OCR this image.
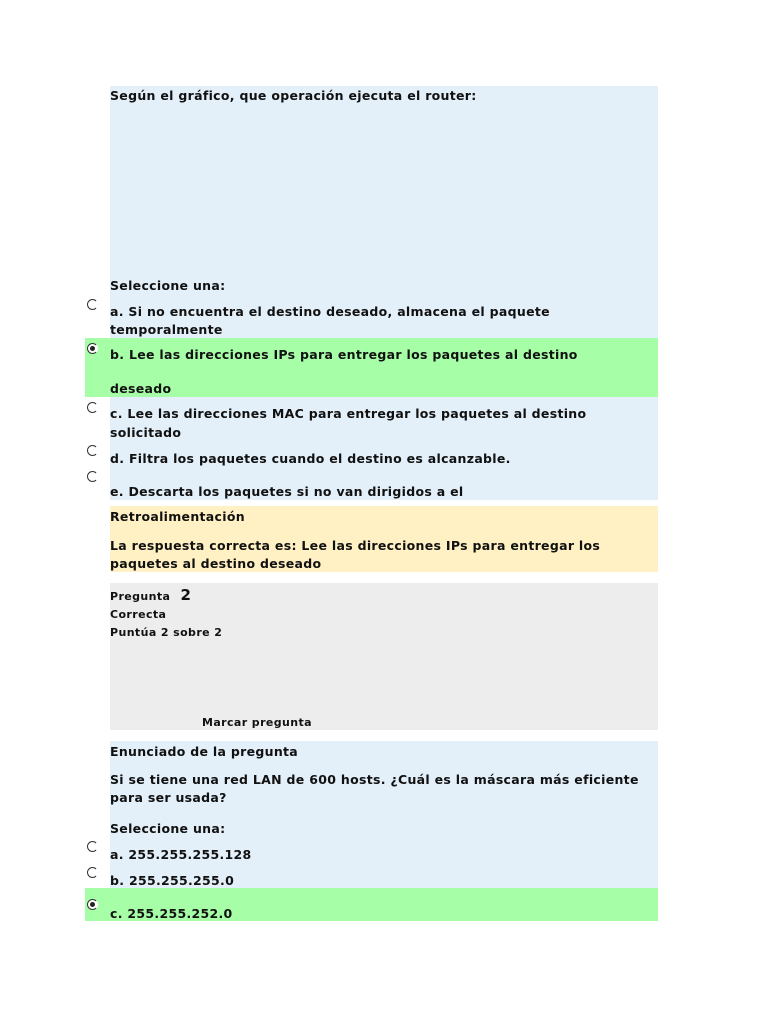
Según el gráfico, que operación ejecuta el router:
Seleccione una:
a. Si no encuentra el destino deseado, almacena el paquete
temporalmente
b. Lee las direcciones IPs para entregar los paquetes al destino
deseado
c. Lee las direcciones MAC para entregar los paquetes al destino
solicitado
d. Filtra los paquetes cuando el destino es alcanzable.
e. Descarta los paquetes si no van dirigidos a el
Retroalimentación
La respuesta correcta es: Lee las direcciones IPs para entregar los
paquetes al destino deseado
Pregunta 2
Correcta
Puntúa 2 sobre 2
Marcar pregunta
Enunciado de la pregunta
Si se tiene una red LAN de 600 hosts. ¿Cuál es la máscara más eficiente
para ser usada?
Seleccione una:
a. 255.255.255.128
b. 255.255.255.0
c. 255.255.252.0
